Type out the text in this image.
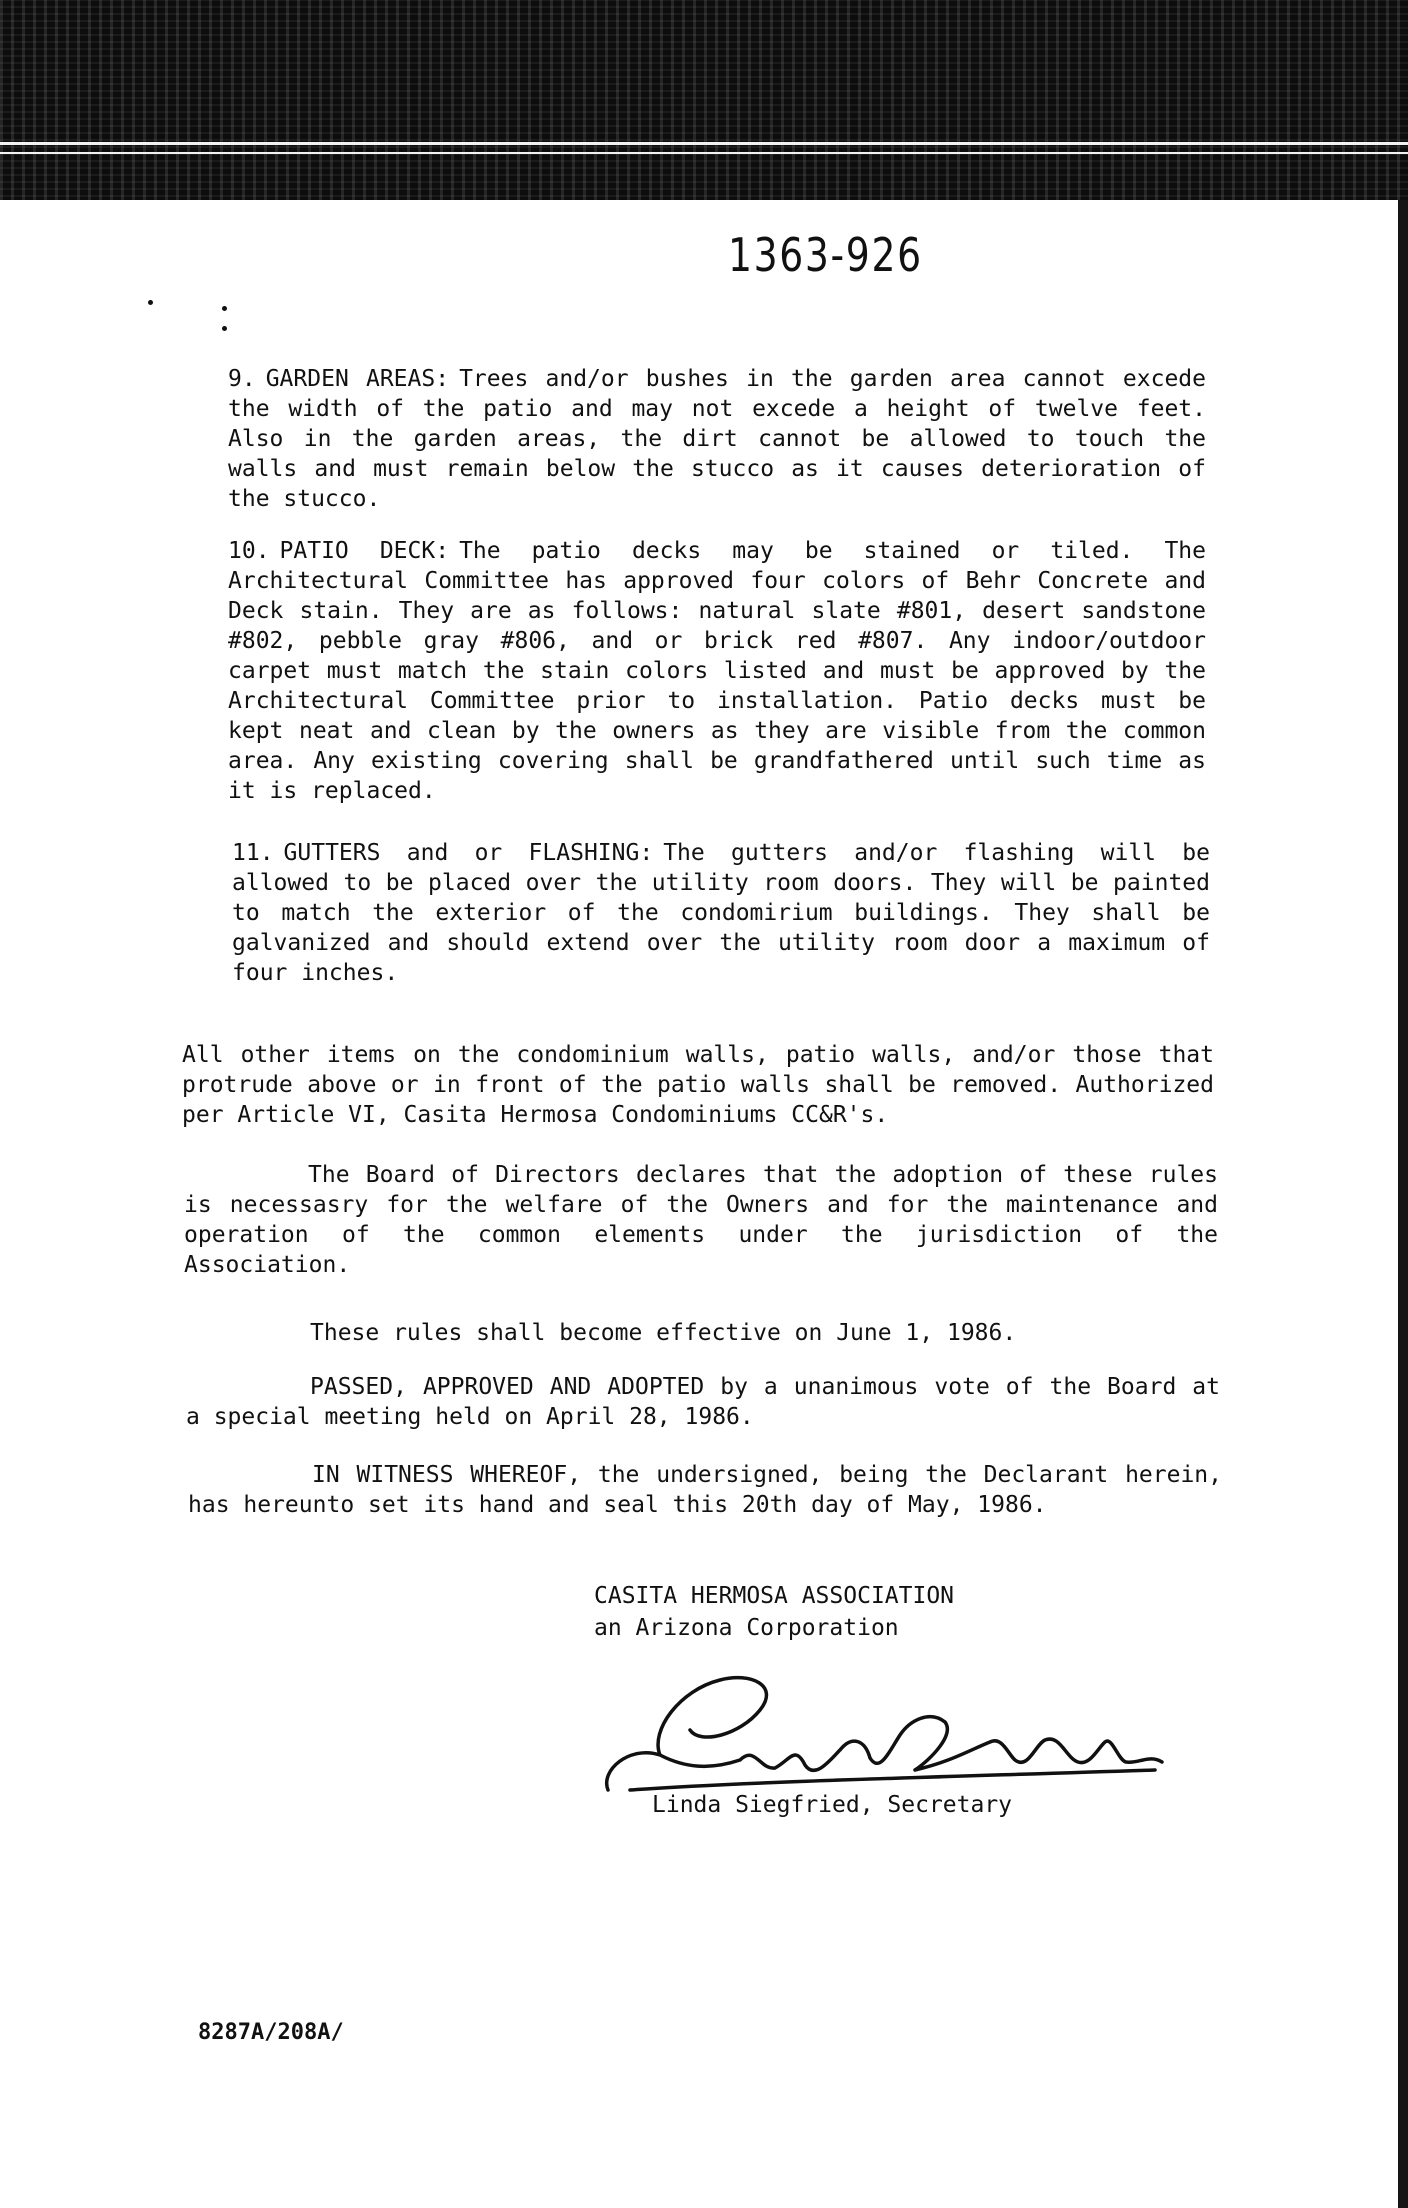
1363-926

9. GARDEN AREAS: Trees and/or bushes in the garden area cannot excede the width of the patio and may not excede a height of twelve feet. Also in the garden areas, the dirt cannot be allowed to touch the walls and must remain below the stucco as it causes deterioration of the stucco.

10. PATIO DECK: The patio decks may be stained or tiled. The Architectural Committee has approved four colors of Behr Concrete and Deck stain. They are as follows: natural slate #801, desert sandstone #802, pebble gray #806, and or brick red #807. Any indoor/outdoor carpet must match the stain colors listed and must be approved by the Architectural Committee prior to installation. Patio decks must be kept neat and clean by the owners as they are visible from the common area. Any existing covering shall be grandfathered until such time as it is replaced.

11. GUTTERS and or FLASHING: The gutters and/or flashing will be allowed to be placed over the utility room doors. They will be painted to match the exterior of the condomirium buildings. They shall be galvanized and should extend over the utility room door a maximum of four inches.

All other items on the condominium walls, patio walls, and/or those that protrude above or in front of the patio walls shall be removed. Authorized per Article VI, Casita Hermosa Condominiums CC&R's.

The Board of Directors declares that the adoption of these rules is necessasry for the welfare of the Owners and for the maintenance and operation of the common elements under the jurisdiction of the Association.

These rules shall become effective on June 1, 1986.

PASSED, APPROVED AND ADOPTED by a unanimous vote of the Board at a special meeting held on April 28, 1986.

IN WITNESS WHEREOF, the undersigned, being the Declarant herein, has hereunto set its hand and seal this 20th day of May, 1986.

CASITA HERMOSA ASSOCIATION
an Arizona Corporation
Linda Siegfried, Secretary
8287A/208A/
